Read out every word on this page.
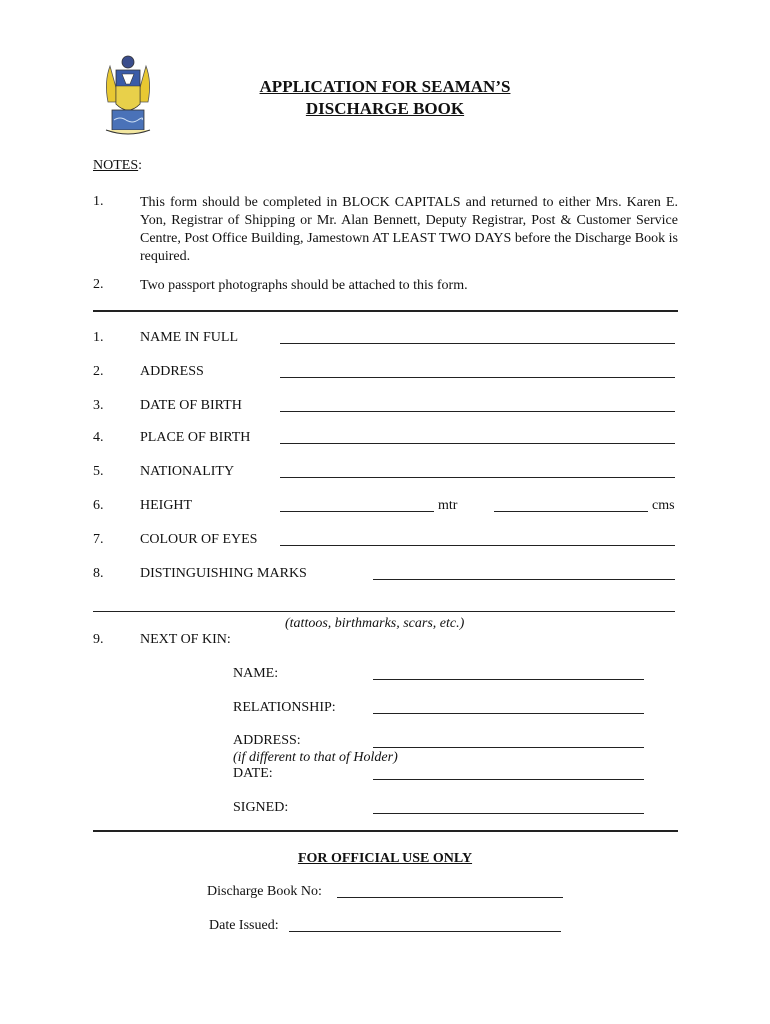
APPLICATION FOR SEAMAN’S
DISCHARGE BOOK
NOTES:
1.	This form should be completed in BLOCK CAPITALS and returned to either Mrs. Karen E. Yon, Registrar of Shipping or Mr. Alan Bennett, Deputy Registrar, Post & Customer Service Centre, Post Office Building, Jamestown AT LEAST TWO DAYS before the Discharge Book is required.
2.	Two passport photographs should be attached to this form.
1.	NAME IN FULL
2.	ADDRESS
3.	DATE OF BIRTH
4.	PLACE OF BIRTH
5.	NATIONALITY
6.	HEIGHT	mtr	cms
7.	COLOUR OF EYES
8.	DISTINGUISHING MARKS
(tattoos, birthmarks, scars, etc.)
9.	NEXT OF KIN:
NAME:
RELATIONSHIP:
ADDRESS:
(if different to that of Holder)
DATE:
SIGNED:
FOR OFFICIAL USE ONLY
Discharge Book No:
Date Issued:
